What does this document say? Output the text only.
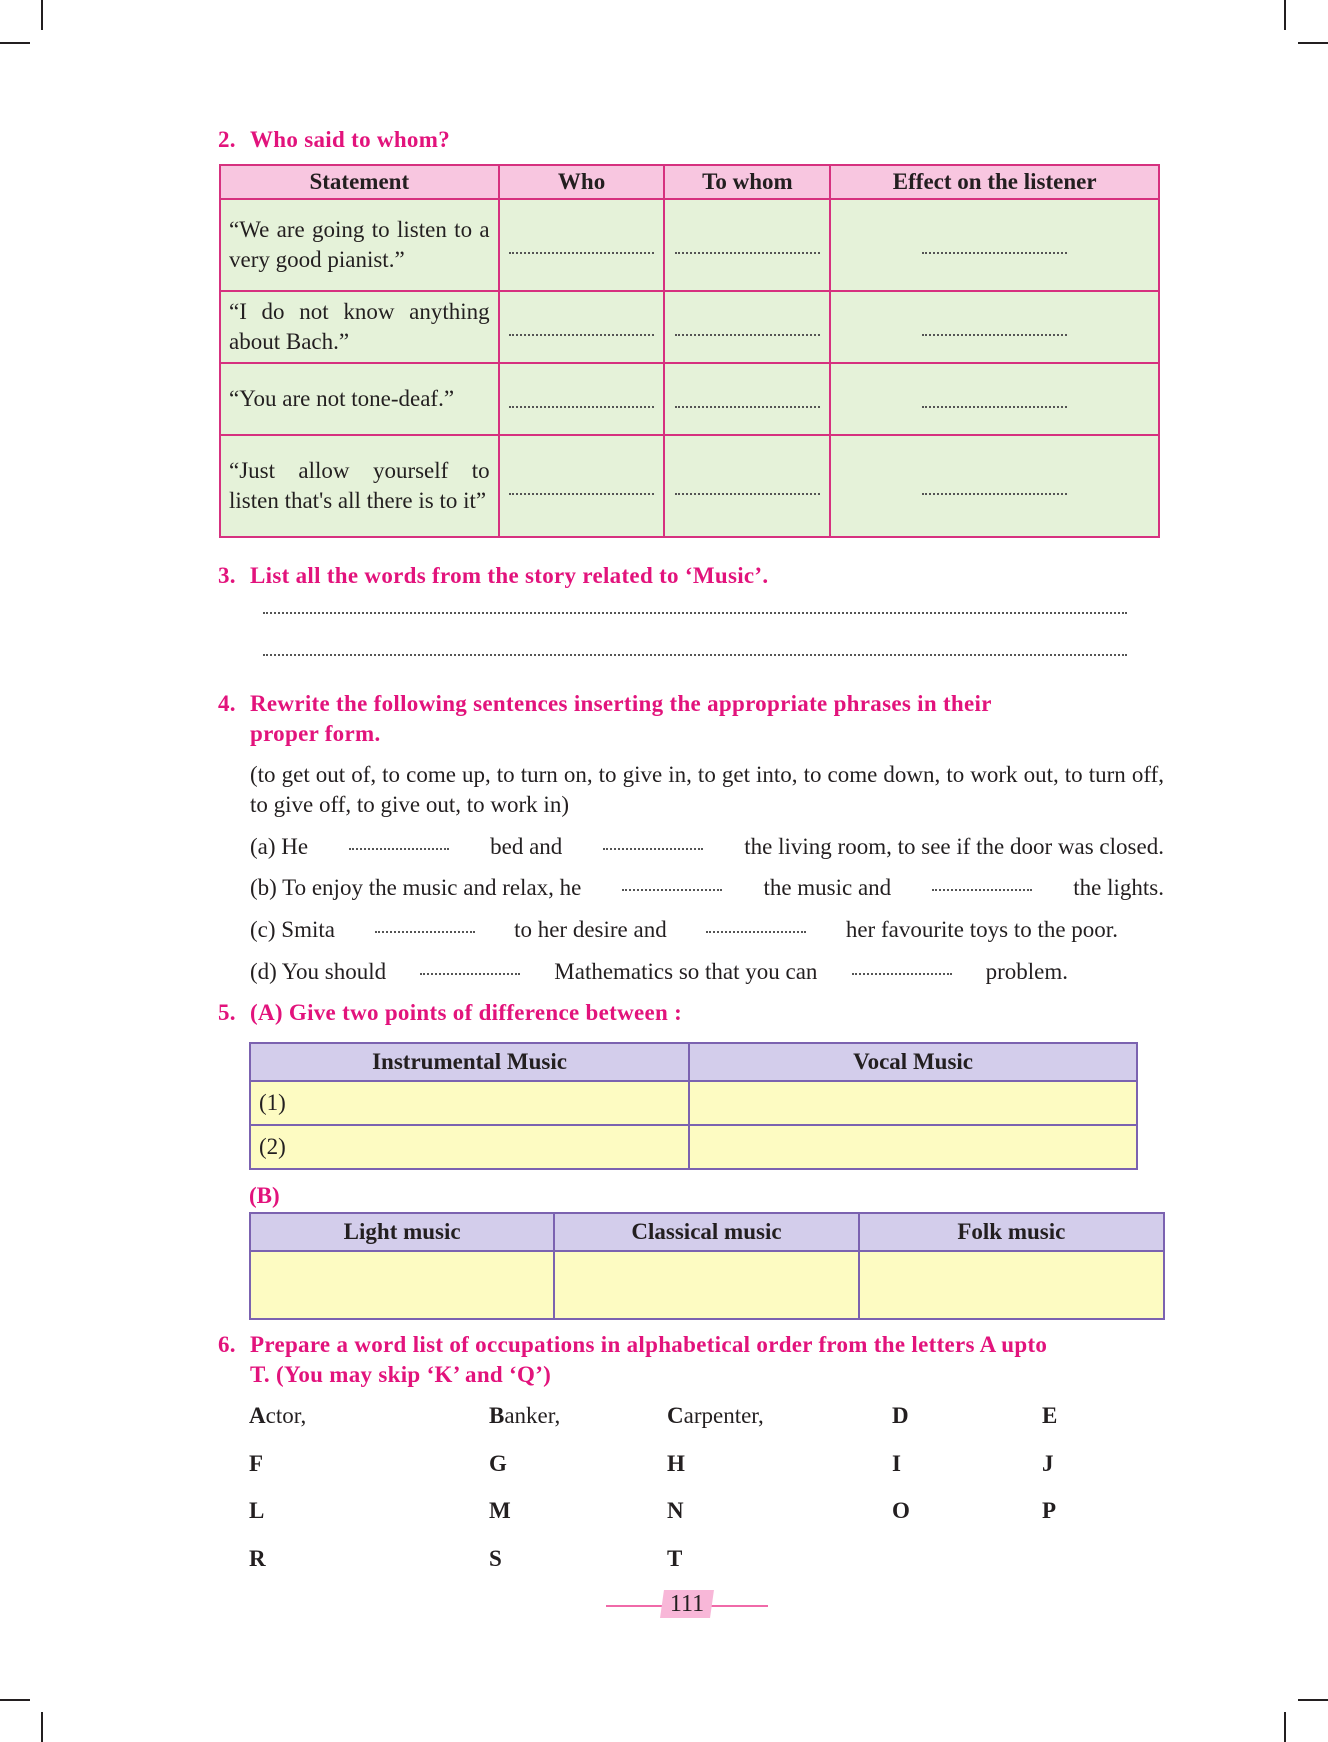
2. Who said to whom?
Statement	Who	To whom	Effect on the listener
“We are going to listen to a very good pianist.”			
“I do not know anything about Bach.”			
“You are not tone-deaf.”			
“Just allow yourself to listen that's all there is to it”			
3. List all the words from the story related to ‘Music’.
4. Rewrite the following sentences inserting the appropriate phrases in their
proper form.
(to get out of, to come up, to turn on, to give in, to get into, to come down, to work out, to turn off, to give off, to give out, to work in)
(a) He	bed and	the living room, to see if the door was closed.
(b) To enjoy the music and relax, he	the music and	the lights.
(c) Smita	to her desire and	her favourite toys to the poor.
(d) You should	Mathematics so that you can	problem.
5. (A) Give two points of difference between :
Instrumental Music	Vocal Music
(1)	
(2)	
(B)
Light music	Classical music	Folk music

6. Prepare a word list of occupations in alphabetical order from the letters A upto
T. (You may skip ‘K’ and ‘Q’)
Actor,	Banker,	Carpenter,	D	E
F	G	H	I	J
L	M	N	O	P
R	S	T
111
